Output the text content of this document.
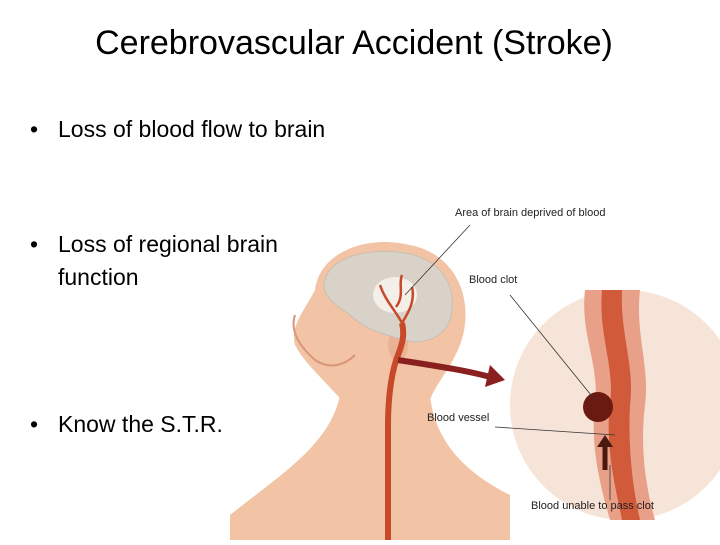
Cerebrovascular Accident (Stroke)
• Loss of blood flow to brain
• Loss of regional brain function
• Know the S.T.R.
Area of brain deprived of blood
Blood clot
Blood vessel
Blood unable to pass clot
